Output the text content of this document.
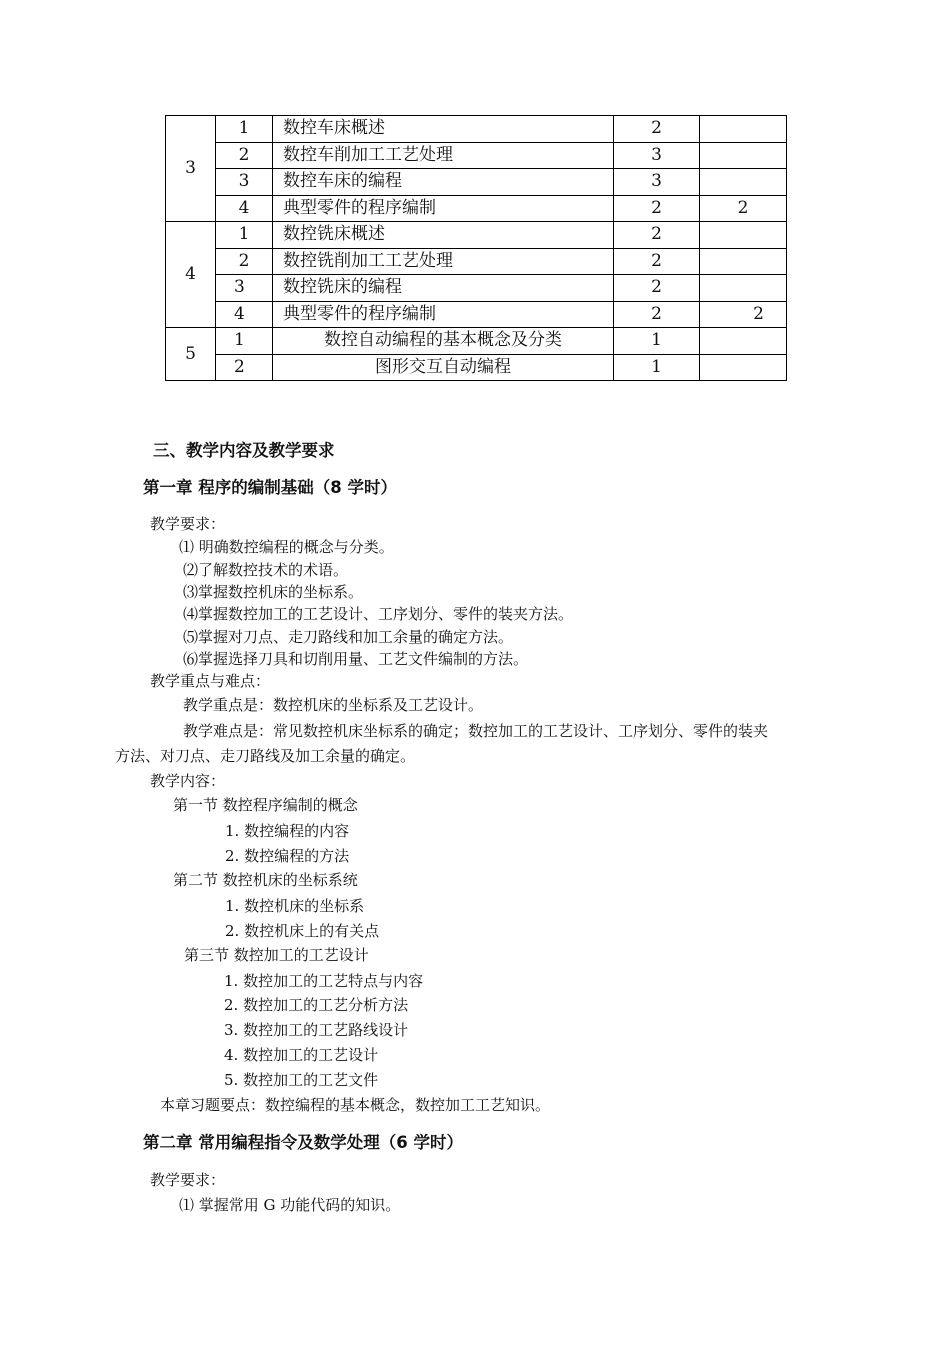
3	1	数控车床概述	2	
	2	数控车削加工工艺处理	3	
	3	数控车床的编程	3	
	4	典型零件的程序编制	2	2
4	1	数控铣床概述	2	
	2	数控铣削加工工艺处理	2	
	3	数控铣床的编程	2	
	4	典型零件的程序编制	2	2
5	1	数控自动编程的基本概念及分类	1	
	2	图形交互自动编程	1	
三、教学内容及教学要求
第一章 程序的编制基础（8 学时）
教学要求：
⑴ 明确数控编程的概念与分类。
⑵了解数控技术的术语。
⑶掌握数控机床的坐标系。
⑷掌握数控加工的工艺设计、工序划分、零件的装夹方法。
⑸掌握对刀点、走刀路线和加工余量的确定方法。
⑹掌握选择刀具和切削用量、工艺文件编制的方法。
教学重点与难点：
教学重点是：数控机床的坐标系及工艺设计。
教学难点是：常见数控机床坐标系的确定；数控加工的工艺设计、工序划分、零件的装夹
方法、对刀点、走刀路线及加工余量的确定。
教学内容：
第一节 数控程序编制的概念
1. 数控编程的内容
2. 数控编程的方法
第二节 数控机床的坐标系统
1. 数控机床的坐标系
2. 数控机床上的有关点
第三节 数控加工的工艺设计
1. 数控加工的工艺特点与内容
2. 数控加工的工艺分析方法
3. 数控加工的工艺路线设计
4. 数控加工的工艺设计
5. 数控加工的工艺文件
本章习题要点：数控编程的基本概念，数控加工工艺知识。
第二章 常用编程指令及数学处理（6 学时）
教学要求：
⑴ 掌握常用 G 功能代码的知识。
